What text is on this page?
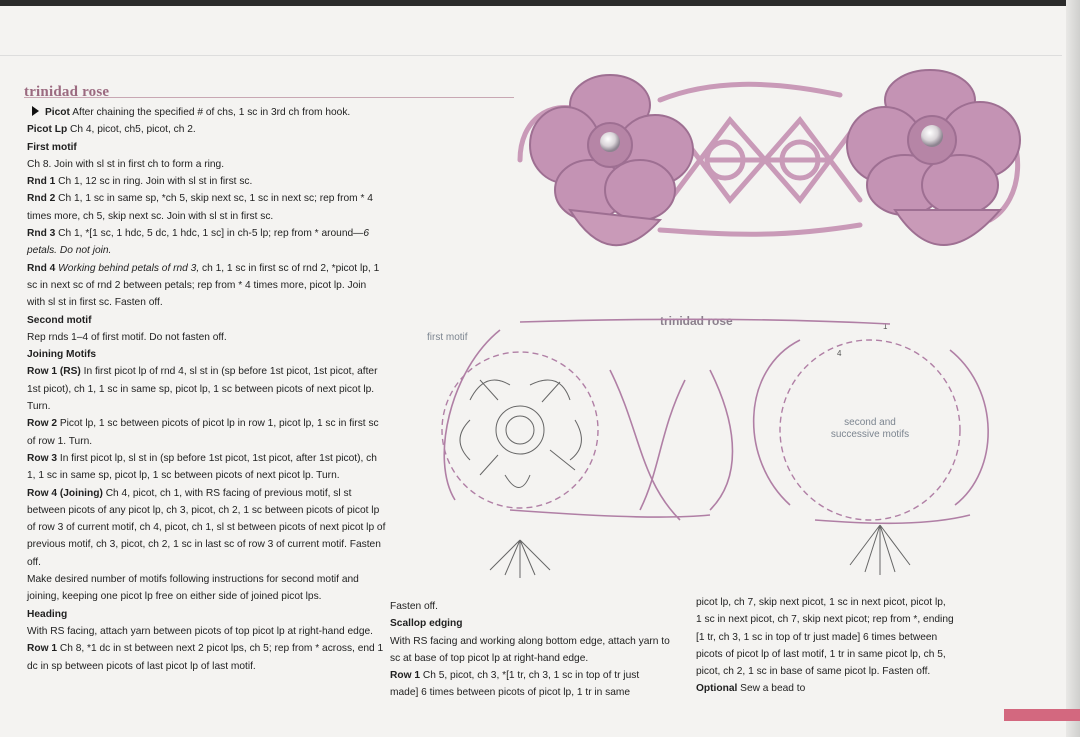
trinidad rose

Picot After chaining the specified # of chs, 1 sc in 3rd ch from hook.

Picot Lp Ch 4, picot, ch5, picot, ch 2.

First motif

Ch 8. Join with sl st in first ch to form a ring.

Rnd 1 Ch 1, 12 sc in ring. Join with sl st in first sc.

Rnd 2 Ch 1, 1 sc in same sp, *ch 5, skip next sc, 1 sc in next sc; rep from * 4 times more, ch 5, skip next sc. Join with sl st in first sc.

Rnd 3 Ch 1, *[1 sc, 1 hdc, 5 dc, 1 hdc, 1 sc] in ch-5 lp; rep from * around—6 petals. Do not join.

Rnd 4 Working behind petals of rnd 3, ch 1, 1 sc in first sc of rnd 2, *picot lp, 1 sc in next sc of rnd 2 between petals; rep from * 4 times more, picot lp. Join with sl st in first sc. Fasten off.

Second motif

Rep rnds 1–4 of first motif. Do not fasten off.

Joining Motifs

Row 1 (RS) In first picot lp of rnd 4, sl st in (sp before 1st picot, 1st picot, after 1st picot), ch 1, 1 sc in same sp, picot lp, 1 sc between picots of next picot lp. Turn.

Row 2 Picot lp, 1 sc between picots of picot lp in row 1, picot lp, 1 sc in first sc of row 1. Turn.

Row 3 In first picot lp, sl st in (sp before 1st picot, 1st picot, after 1st picot), ch 1, 1 sc in same sp, picot lp, 1 sc between picots of next picot lp. Turn.

Row 4 (Joining) Ch 4, picot, ch 1, with RS facing of previous motif, sl st between picots of any picot lp, ch 3, picot, ch 2, 1 sc between picots of picot lp of row 3 of current motif, ch 4, picot, ch 1, sl st between picots of next picot lp of previous motif, ch 3, picot, ch 2, 1 sc in last sc of row 3 of current motif. Fasten off.

Make desired number of motifs following instructions for second motif and joining, keeping one picot lp free on either side of joined picot lps.

Heading

With RS facing, attach yarn between picots of top picot lp at right-hand edge.

Row 1 Ch 8, *1 dc in st between next 2 picot lps, ch 5; rep from * across, end 1 dc in sp between picots of last picot lp of last motif.

Fasten off.

Scallop edging

With RS facing and working along bottom edge, attach yarn to sc at base of top picot lp at right-hand edge.

Row 1 Ch 5, picot, ch 3, *[1 tr, ch 3, 1 sc in top of tr just made] 6 times between picots of picot lp, 1 tr in same

picot lp, ch 7, skip next picot, 1 sc in next picot, picot lp,

1 sc in next picot, ch 7, skip next picot; rep from *, ending

[1 tr, ch 3, 1 sc in top of tr just made] 6 times between

picots of picot lp of last motif, 1 tr in same picot lp, ch 5,

picot, ch 2, 1 sc in base of same picot lp. Fasten off.

Optional Sew a bead to

trinidad rose
first motif
second and successive motifs
1
4
